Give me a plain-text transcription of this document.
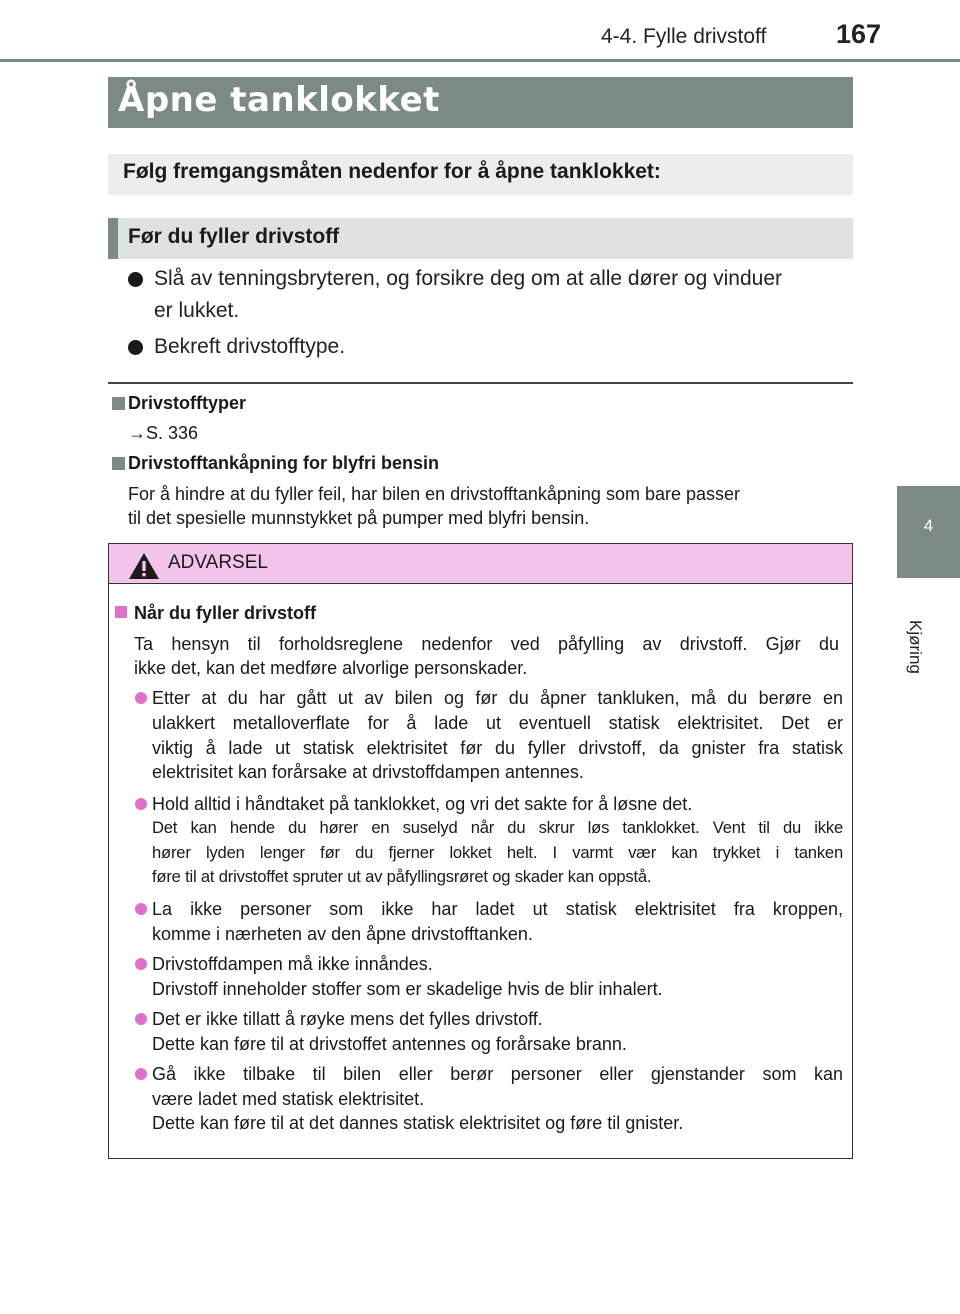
4-4. Fylle drivstoff	167
4
Kjøring
Åpne tanklokket
Følg fremgangsmåten nedenfor for å åpne tanklokket:
Før du fyller drivstoff
Slå av tenningsbryteren, og forsikre deg om at alle dører og vinduer
er lukket.
Bekreft drivstofftype.
Drivstofftyper
→S. 336
Drivstofftankåpning for blyfri bensin
For å hindre at du fyller feil, har bilen en drivstofftankåpning som bare passer
til det spesielle munnstykket på pumper med blyfri bensin.
ADVARSEL
Når du fyller drivstoff
Ta hensyn til forholdsreglene nedenfor ved påfylling av drivstoff. Gjør du
ikke det, kan det medføre alvorlige personskader.
Etter at du har gått ut av bilen og før du åpner tankluken, må du berøre en
ulakkert metalloverflate for å lade ut eventuell statisk elektrisitet. Det er
viktig å lade ut statisk elektrisitet før du fyller drivstoff, da gnister fra statisk
elektrisitet kan forårsake at drivstoffdampen antennes.
Hold alltid i håndtaket på tanklokket, og vri det sakte for å løsne det.
Det kan hende du hører en suselyd når du skrur løs tanklokket. Vent til du ikke
hører lyden lenger før du fjerner lokket helt. I varmt vær kan trykket i tanken
føre til at drivstoffet spruter ut av påfyllingsrøret og skader kan oppstå.
La ikke personer som ikke har ladet ut statisk elektrisitet fra kroppen,
komme i nærheten av den åpne drivstofftanken.
Drivstoffdampen må ikke innåndes.
Drivstoff inneholder stoffer som er skadelige hvis de blir inhalert.
Det er ikke tillatt å røyke mens det fylles drivstoff.
Dette kan føre til at drivstoffet antennes og forårsake brann.
Gå ikke tilbake til bilen eller berør personer eller gjenstander som kan
være ladet med statisk elektrisitet.
Dette kan føre til at det dannes statisk elektrisitet og føre til gnister.
